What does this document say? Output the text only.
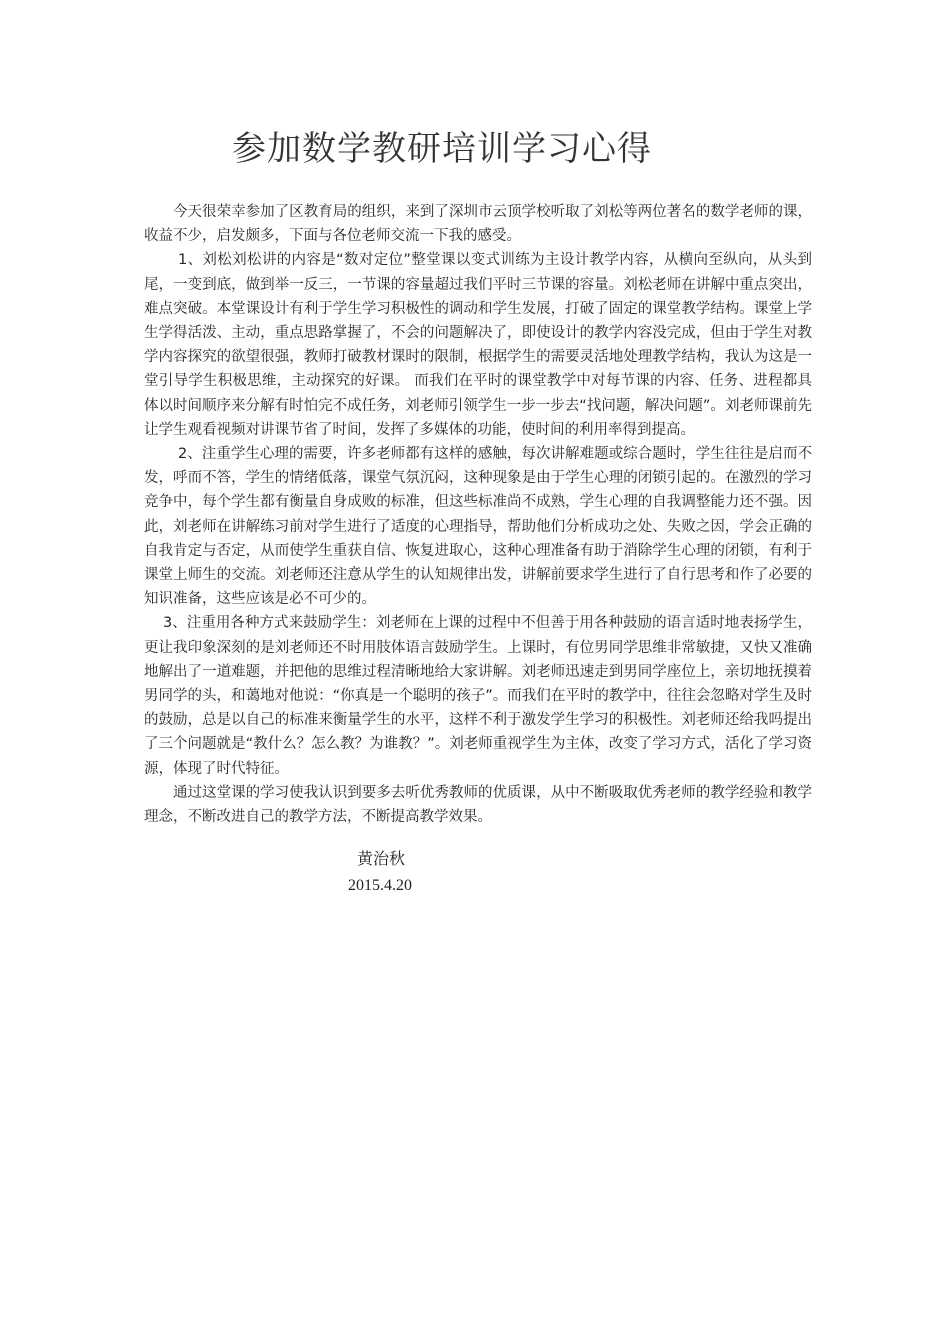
参加数学教研培训学习心得

今天很荣幸参加了区教育局的组织，来到了深圳市云顶学校听取了刘松等两位著名的数学老师的课，收益不少，启发颇多，下面与各位老师交流一下我的感受。

1、刘松刘松讲的内容是“数对定位”整堂课以变式训练为主设计教学内容，从横向至纵向，从头到尾，一变到底，做到举一反三，一节课的容量超过我们平时三节课的容量。刘松老师在讲解中重点突出，难点突破。本堂课设计有利于学生学习积极性的调动和学生发展，打破了固定的课堂教学结构。课堂上学生学得活泼、主动，重点思路掌握了，不会的问题解决了，即使设计的教学内容没完成，但由于学生对教学内容探究的欲望很强，教师打破教材课时的限制，根据学生的需要灵活地处理教学结构，我认为这是一堂引导学生积极思维，主动探究的好课。 而我们在平时的课堂教学中对每节课的内容、任务、进程都具体以时间顺序来分解有时怕完不成任务，刘老师引领学生一步一步去“找问题，解决问题”。刘老师课前先让学生观看视频对讲课节省了时间，发挥了多媒体的功能，使时间的利用率得到提高。

2、注重学生心理的需要，许多老师都有这样的感触，每次讲解难题或综合题时，学生往往是启而不发，呼而不答，学生的情绪低落，课堂气氛沉闷，这种现象是由于学生心理的闭锁引起的。在激烈的学习竞争中，每个学生都有衡量自身成败的标准，但这些标准尚不成熟，学生心理的自我调整能力还不强。因此，刘老师在讲解练习前对学生进行了适度的心理指导，帮助他们分析成功之处、失败之因，学会正确的自我肯定与否定，从而使学生重获自信、恢复进取心，这种心理准备有助于消除学生心理的闭锁，有利于课堂上师生的交流。刘老师还注意从学生的认知规律出发，讲解前要求学生进行了自行思考和作了必要的知识准备，这些应该是必不可少的。

3、注重用各种方式来鼓励学生：刘老师在上课的过程中不但善于用各种鼓励的语言适时地表扬学生，更让我印象深刻的是刘老师还不时用肢体语言鼓励学生。上课时，有位男同学思维非常敏捷，又快又准确地解出了一道难题，并把他的思维过程清晰地给大家讲解。刘老师迅速走到男同学座位上，亲切地抚摸着男同学的头，和蔼地对他说：“你真是一个聪明的孩子”。而我们在平时的教学中，往往会忽略对学生及时的鼓励，总是以自己的标准来衡量学生的水平，这样不利于激发学生学习的积极性。刘老师还给我吗提出了三个问题就是“教什么？怎么教？为谁教？”。刘老师重视学生为主体，改变了学习方式，活化了学习资源，体现了时代特征。

通过这堂课的学习使我认识到要多去听优秀教师的优质课，从中不断吸取优秀老师的教学经验和教学理念，不断改进自己的教学方法，不断提高教学效果。

黄治秋
2015.4.20
